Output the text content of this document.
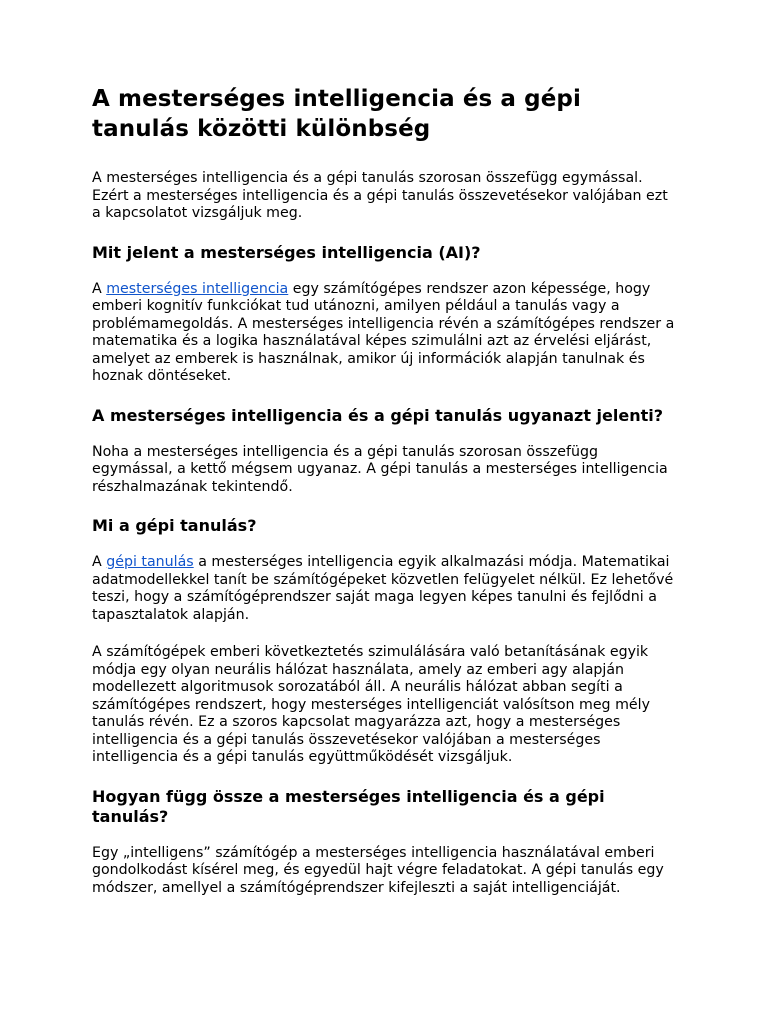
A mesterséges intelligencia és a gépi tanulás közötti különbség

A mesterséges intelligencia és a gépi tanulás szorosan összefügg egymással. Ezért a mesterséges intelligencia és a gépi tanulás összevetésekor valójában ezt a kapcsolatot vizsgáljuk meg.

Mit jelent a mesterséges intelligencia (AI)?

A mesterséges intelligencia egy számítógépes rendszer azon képessége, hogy emberi kognitív funkciókat tud utánozni, amilyen például a tanulás vagy a problémamegoldás. A mesterséges intelligencia révén a számítógépes rendszer a matematika és a logika használatával képes szimulálni azt az érvelési eljárást, amelyet az emberek is használnak, amikor új információk alapján tanulnak és hoznak döntéseket.

A mesterséges intelligencia és a gépi tanulás ugyanazt jelenti?

Noha a mesterséges intelligencia és a gépi tanulás szorosan összefügg egymással, a kettő mégsem ugyanaz. A gépi tanulás a mesterséges intelligencia részhalmazának tekintendő.

Mi a gépi tanulás?

A gépi tanulás a mesterséges intelligencia egyik alkalmazási módja. Matematikai adatmodellekkel tanít be számítógépeket közvetlen felügyelet nélkül. Ez lehetővé teszi, hogy a számítógéprendszer saját maga legyen képes tanulni és fejlődni a tapasztalatok alapján.

A számítógépek emberi következtetés szimulálására való betanításának egyik módja egy olyan neurális hálózat használata, amely az emberi agy alapján modellezett algoritmusok sorozatából áll. A neurális hálózat abban segíti a számítógépes rendszert, hogy mesterséges intelligenciát valósítson meg mély tanulás révén. Ez a szoros kapcsolat magyarázza azt, hogy a mesterséges intelligencia és a gépi tanulás összevetésekor valójában a mesterséges intelligencia és a gépi tanulás együttműködését vizsgáljuk.

Hogyan függ össze a mesterséges intelligencia és a gépi tanulás?

Egy „intelligens” számítógép a mesterséges intelligencia használatával emberi gondolkodást kísérel meg, és egyedül hajt végre feladatokat. A gépi tanulás egy módszer, amellyel a számítógéprendszer kifejleszti a saját intelligenciáját.
